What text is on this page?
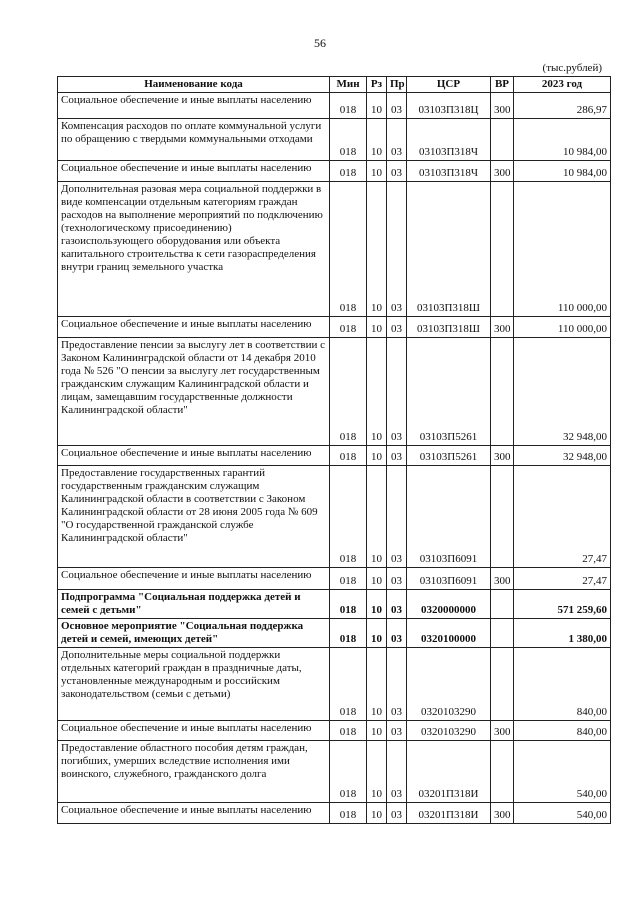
56
(тыс.рублей)
Наименование кода	Мин	Рз	Пр	ЦСР	ВР	2023 год
Социальное обеспечение и иные выплаты населению	018	10	03	03103П318Ц	300	286,97
Компенсация расходов по оплате коммунальной услуги по обращению с твердыми коммунальными отходами	018	10	03	03103П318Ч		10 984,00
Социальное обеспечение и иные выплаты населению	018	10	03	03103П318Ч	300	10 984,00
Дополнительная разовая мера социальной поддержки в виде компенсации отдельным категориям граждан расходов на выполнение мероприятий по подключению (технологическому присоединению) газоиспользующего оборудования или объекта капитального строительства к сети газораспределения внутри границ земельного участка	018	10	03	03103П318Ш		110 000,00
Социальное обеспечение и иные выплаты населению	018	10	03	03103П318Ш	300	110 000,00
Предоставление пенсии за выслугу лет в соответствии с Законом Калининградской области от 14 декабря 2010 года № 526 "О пенсии за выслугу лет государственным гражданским служащим Калининградской области и лицам, замещавшим государственные должности Калининградской области"	018	10	03	03103П5261		32 948,00
Социальное обеспечение и иные выплаты населению	018	10	03	03103П5261	300	32 948,00
Предоставление государственных гарантий государственным гражданским служащим Калининградской области в соответствии с Законом Калининградской области от 28 июня 2005 года № 609 "О государственной гражданской службе Калининградской области"	018	10	03	03103П6091		27,47
Социальное обеспечение и иные выплаты населению	018	10	03	03103П6091	300	27,47
Подпрограмма "Социальная поддержка детей и семей с детьми"	018	10	03	0320000000		571 259,60
Основное мероприятие "Социальная поддержка детей и семей, имеющих детей"	018	10	03	0320100000		1 380,00
Дополнительные меры социальной поддержки отдельных категорий граждан в праздничные даты, установленные международным и российским законодательством (семьи с детьми)	018	10	03	0320103290		840,00
Социальное обеспечение и иные выплаты населению	018	10	03	0320103290	300	840,00
Предоставление областного пособия детям граждан, погибших, умерших вследствие исполнения ими воинского, служебного, гражданского долга	018	10	03	03201П318И		540,00
Социальное обеспечение и иные выплаты населению	018	10	03	03201П318И	300	540,00
